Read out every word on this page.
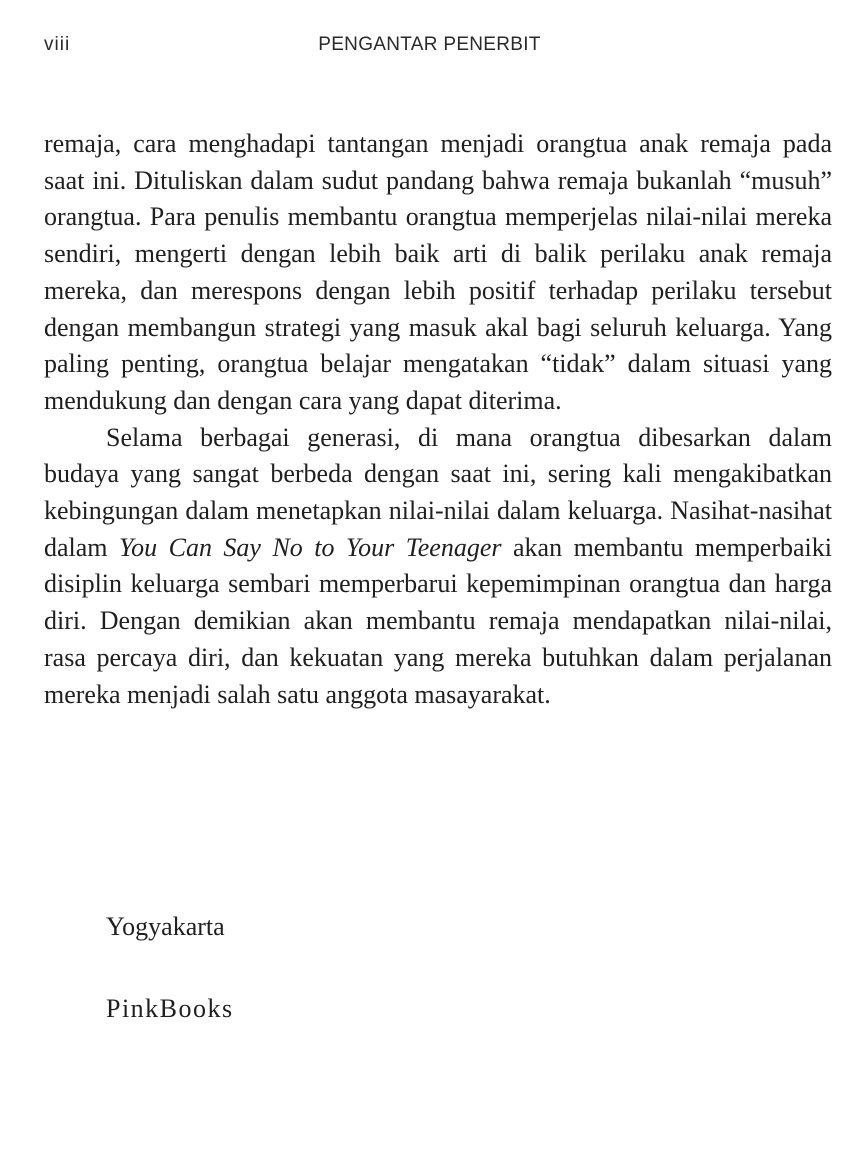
viii	PENGANTAR PENERBIT

remaja, cara menghadapi tantangan menjadi orangtua anak remaja pada saat ini. Dituliskan dalam sudut pandang bahwa remaja bukanlah “musuh” orangtua. Para penulis membantu orangtua memperjelas nilai-nilai mereka sendiri, mengerti dengan lebih baik arti di balik perilaku anak remaja mereka, dan merespons dengan lebih positif terhadap perilaku tersebut dengan membangun strategi yang masuk akal bagi seluruh keluarga. Yang paling penting, orangtua belajar mengatakan “tidak” dalam situasi yang mendukung dan dengan cara yang dapat diterima.

Selama berbagai generasi, di mana orangtua dibesarkan dalam budaya yang sangat berbeda dengan saat ini, sering kali mengakibatkan kebingungan dalam menetapkan nilai-nilai dalam keluarga. Nasihat-nasihat dalam You Can Say No to Your Teenager akan membantu memperbaiki disiplin keluarga sembari memperbarui kepemimpinan orangtua dan harga diri. Dengan demikian akan membantu remaja mendapatkan nilai-nilai, rasa percaya diri, dan kekuatan yang mereka butuhkan dalam perjalanan mereka menjadi salah satu anggota masayarakat.

Yogyakarta
PinkBooks
